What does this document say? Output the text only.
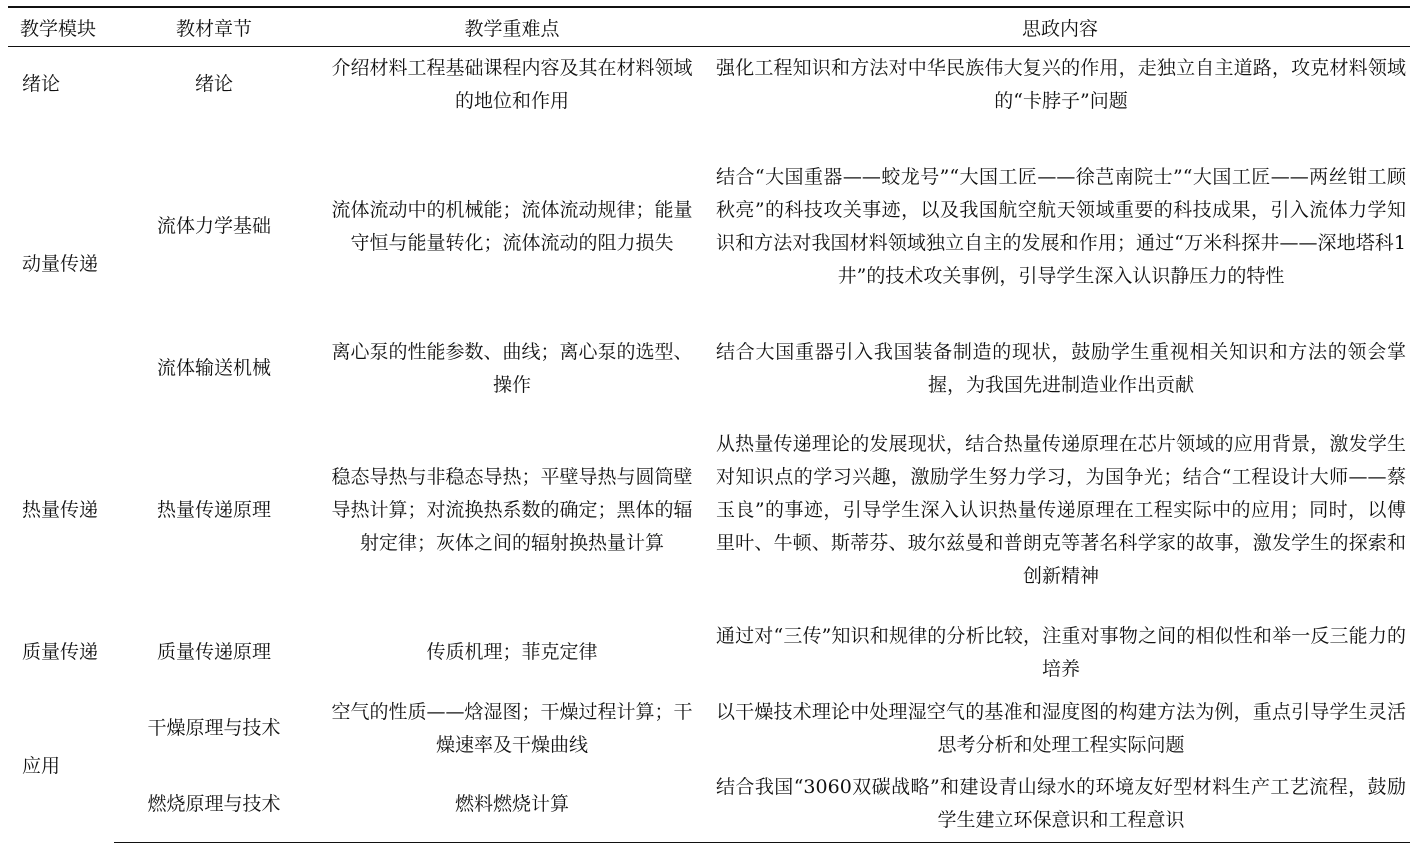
教学模块	教材章节	教学重难点	思政内容
绪论	绪论	介绍材料工程基础课程内容及其在材料领域的地位和作用	强化工程知识和方法对中华民族伟大复兴的作用，走独立自主道路，攻克材料领域的“卡脖子”问题
动量传递	流体力学基础	流体流动中的机械能；流体流动规律；能量守恒与能量转化；流体流动的阻力损失	结合“大国重器——蛟龙号”“大国工匠——徐芑南院士”“大国工匠——两丝钳工顾秋亮”的科技攻关事迹，以及我国航空航天领域重要的科技成果，引入流体力学知识和方法对我国材料领域独立自主的发展和作用；通过“万米科探井——深地塔科1井”的技术攻关事例，引导学生深入认识静压力的特性
	流体输送机械	离心泵的性能参数、曲线；离心泵的选型、操作	结合大国重器引入我国装备制造的现状，鼓励学生重视相关知识和方法的领会掌握，为我国先进制造业作出贡献
热量传递	热量传递原理	稳态导热与非稳态导热；平壁导热与圆筒壁导热计算；对流换热系数的确定；黑体的辐射定律；灰体之间的辐射换热量计算	从热量传递理论的发展现状，结合热量传递原理在芯片领域的应用背景，激发学生对知识点的学习兴趣，激励学生努力学习，为国争光；结合“工程设计大师——蔡玉良”的事迹，引导学生深入认识热量传递原理在工程实际中的应用；同时，以傅里叶、牛顿、斯蒂芬、玻尔兹曼和普朗克等著名科学家的故事，激发学生的探索和创新精神
质量传递	质量传递原理	传质机理；菲克定律	通过对“三传”知识和规律的分析比较，注重对事物之间的相似性和举一反三能力的培养
应用	干燥原理与技术	空气的性质——焓湿图；干燥过程计算；干燥速率及干燥曲线	以干燥技术理论中处理湿空气的基准和湿度图的构建方法为例，重点引导学生灵活思考分析和处理工程实际问题
	燃烧原理与技术	燃料燃烧计算	结合我国“3060双碳战略”和建设青山绿水的环境友好型材料生产工艺流程，鼓励学生建立环保意识和工程意识
